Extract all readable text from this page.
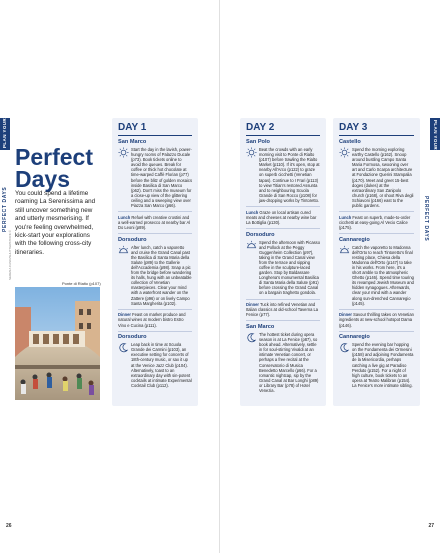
PERFECT DAYS
PLAN YOUR TRIP
Perfect
Days

You could spend a lifetime roaming La Serenissima and still uncover something new and utterly mesmerising. If you're feeling overwhelmed, kick-start your explorations with the following cross-city itineraries.

Ponte di Rialto (p107)
SERENA CASO/SHUTTERSTOCK ©
26
PLAN YOUR TRIP
PERFECT DAYS
27
DAY 1
San Marco
Start the day in the lavish, power-hungry rooms of Palazzo Ducale (p73). Book tickets online to avoid the queues. Break for coffee or thick hot chocolate at time-warped Caffè Florian (p77) before the blitz of golden mosaics inside Basilica di San Marco (p62). Don't miss the museum for a close-up view of the glittering ceiling and a sweeping view over Piazza San Marco (p66).
Lunch Refuel with creative crostini and a well-earned prosecco at nearby bar Al Do Leoni (p89).
Dorsoduro
After lunch, catch a vaporetto and cruise the Grand Canal past the Basilica di Santa Maria della Salute (p89) to the Gallerie dell'Accademia (p98). Snap a pic from the bridge before wandering its halls, hung with an unbeatable collection of Venetian masterpieces. Clear your mind with a waterfront wander on the Zattere (p96) or on lively Campo Santa Margherita (p102).
Dinner Feast on market produce and natural wines at modern bistro Estro Vino e Cucina (p111).
Dorsoduro
Leap back in time at Scuola Grande dei Carmini (p103), an executive setting for concerts of 18th-century music, or sax it up at the Venice Jazz Club (p104). Alternatively, toast to an extraordinary day with sin-potent cocktails at intimate Experimental Cocktail Club (p112).
DAY 2
San Polo
Beat the crowds with an early morning visit to Ponte di Rialto (p107) before trawling the Rialto Market (p110). If it's open, stop at nearby All'Arco (p122) to graze on superb cicchetti (Venetian tapas). Continue to I Frari (p113) to view Titian's restored Assunta and to neighbouring Scuola Grande di San Rocco (p108) for jaw-dropping works by Tintoretto.
Lunch Graze on local artisan cured meats and cheeses at nearby wine bar La Bottiglia (p130).
Dorsoduro
Spend the afternoon with Picasso and Pollock at the Peggy Guggenheim Collection (p97), taking in the Grand Canal view from the terrace and sipping coffee in the sculpture-laced garden. Stop by Baldassare Longhena's monumental Basilica di Santa Maria della Salute (p91) before crossing the Grand Canal on a bargain traghetto gondola.
Dinner Tuck into refined Venetian and Italian classics at old-school Taverna La Fenice (p77).
San Marco
The hottest ticket during opera season is at La Fenice (p87), so book ahead. Alternatively, settle in for soul-stirring Vivaldi at an intimate Venetian concert, or perhaps a free recital at the Conservatorio di Musica Benedetto Marcello (p66). For a romantic nightcap, sip by the Grand Canal at Bar Longhi (p89) or Library Bar (p78) of Hotel Venezia.
DAY 3
Castello
Spend the morning exploring earthy Castello (p162). Snoop around bustling Campo Santa Maria Formosa, swooning over art and Carlo Scarpa architecture at Fondazione Querini Stampalia (p170). Meet and greet 15-best doges (dukes) at the extraordinary San Zanipolo church (p168), or shoot Riva degli Schiavoni (p166) east to the public gardens.
Lunch Feast on superb, made-to-order cicchetti at easy-going Al Vecio Calice (p175).
Cannaregio
Catch the vaporetto to Madonna dell'Orto to reach Tintoretto's final resting place, Chiesa della Madonna dell'Orto (p147) to take in his works. From here, it's a short amble to the atmospheric Ghetto (p146). Spend time touring its revamped Jewish Museum and hidden synagogues. Afterwards, clear your mind with a wander along sun-drenched Cannaregio (p145).
Dinner Savour thrilling takes on Venetian ingredients at new-school hotspot Dama (p146).
Cannaregio
Spend the evening bar hopping on the Fondamenta dei Ormesini (p158) and adjoining Fondamenta de la Misericordia, perhaps catching a live gig at Paradiso Perduto (p152). For a night of high culture, book tickets to an opera at Teatro Malibran (p154). La Fenice's more intimate sibling.
